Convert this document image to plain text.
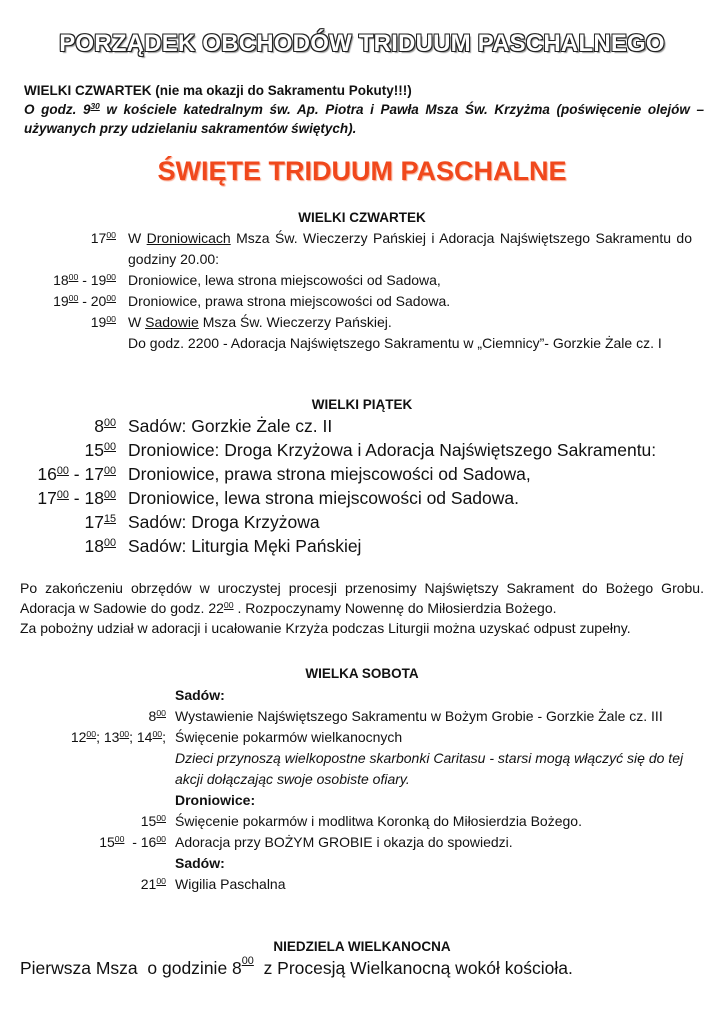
PORZĄDEK OBCHODÓW TRIDUUM PASCHALNEGO
WIELKI CZWARTEK (nie ma okazji do Sakramentu Pokuty!!!)
O godz. $9^{30}$ w kościele katedralnym św. Ap. Piotra i Pawła Msza Św. Krzyżma (poświęcenie olejów – używanych przy udzielaniu sakramentów świętych).
ŚWIĘTE TRIDUUM PASCHALNE
WIELKI CZWARTEK
$17^{00}$ W Droniowicach Msza Św. Wieczerzy Pańskiej i Adoracja Najświętszego Sakramentu do godziny 20.00:
$18^{00} - 19^{00}$ Droniowice, lewa strona miejscowości od Sadowa,
$19^{00} - 20^{00}$ Droniowice, prawa strona miejscowości od Sadowa.
$19^{00}$ W Sadowie Msza Św. Wieczerzy Pańskiej.
Do godz. 2200 - Adoracja Najświętszego Sakramentu w „Ciemnicy”- Gorzkie Żale cz. I
WIELKI PIĄTEK
$8^{00}$ Sadów: Gorzkie Żale cz. II
$15^{00}$ Droniowice: Droga Krzyżowa i Adoracja Najświętszego Sakramentu:
$16^{00} - 17^{00}$ Droniowice, prawa strona miejscowości od Sadowa,
$17^{00} - 18^{00}$ Droniowice, lewa strona miejscowości od Sadowa.
$17^{15}$ Sadów: Droga Krzyżowa
$18^{00}$ Sadów: Liturgia Męki Pańskiej
Po zakończeniu obrzędów w uroczystej procesji przenosimy Najświętszy Sakrament do Bożego Grobu. Adoracja w Sadowie do godz. $22^{00}$ . Rozpoczynamy Nowennę do Miłosierdzia Bożego.
Za pobożny udział w adoracji i ucałowanie Krzyża podczas Liturgii można uzyskać odpust zupełny.
WIELKA SOBOTA
Sadów:
$8^{00}$ Wystawienie Najświętszego Sakramentu w Bożym Grobie - Gorzkie Żale cz. III
$12^{00}$; $13^{00}$; $14^{00}$; Święcenie pokarmów wielkanocnych
Dzieci przynoszą wielkopostne skarbonki Caritasu - starsi mogą włączyć się do tej akcji dołączając swoje osobiste ofiary.
Droniowice:
$15^{00}$ Święcenie pokarmów i modlitwa Koronką do Miłosierdzia Bożego.
$15^{00} - 16^{00}$ Adoracja przy BOŻYM GROBIE i okazja do spowiedzi.
Sadów:
$21^{00}$ Wigilia Paschalna
NIEDZIELA WIELKANOCNA
Pierwsza Msza  o godzinie $8^{00}$  z Procesją Wielkanocną wokół kościoła.
